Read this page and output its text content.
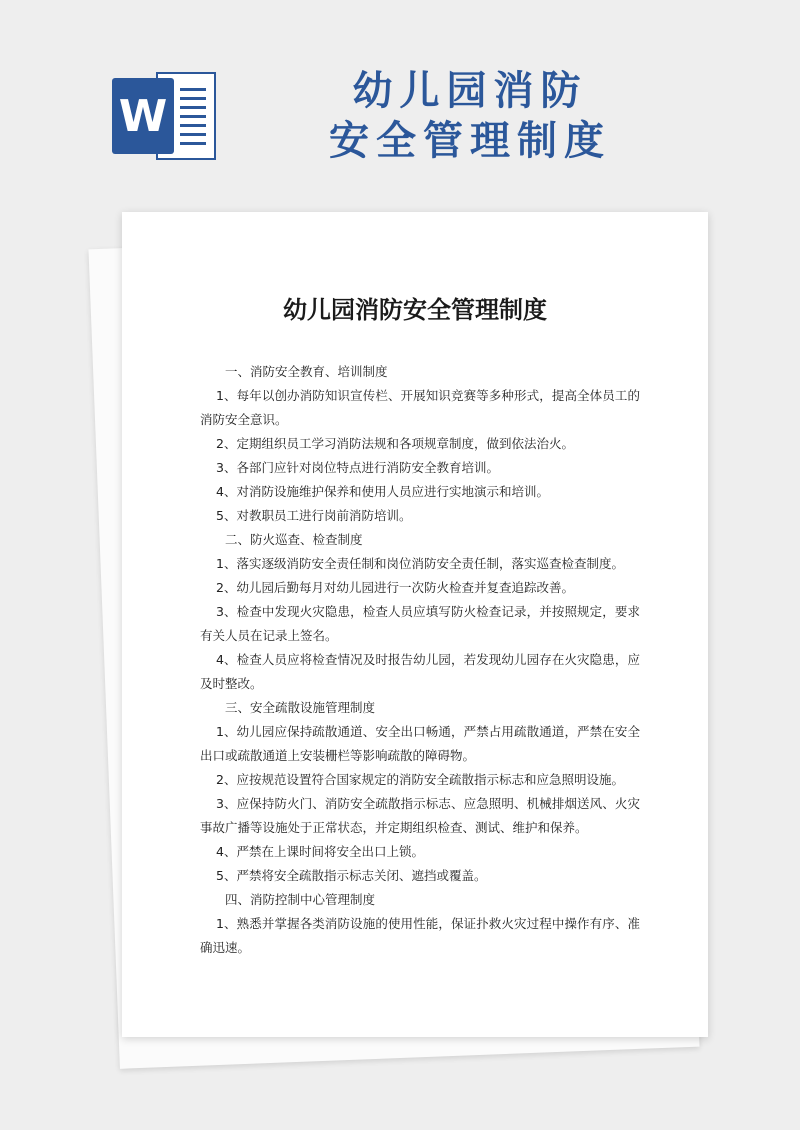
W	幼儿园消防
安全管理制度
幼儿园消防安全管理制度

一、消防安全教育、培训制度

1、每年以创办消防知识宣传栏、开展知识竞赛等多种形式，提高全体员工的消防安全意识。

2、定期组织员工学习消防法规和各项规章制度，做到依法治火。

3、各部门应针对岗位特点进行消防安全教育培训。

4、对消防设施维护保养和使用人员应进行实地演示和培训。

5、对教职员工进行岗前消防培训。

二、防火巡查、检查制度

1、落实逐级消防安全责任制和岗位消防安全责任制，落实巡查检查制度。

2、幼儿园后勤每月对幼儿园进行一次防火检查并复查追踪改善。

3、检查中发现火灾隐患，检查人员应填写防火检查记录，并按照规定，要求有关人员在记录上签名。

4、检查人员应将检查情况及时报告幼儿园，若发现幼儿园存在火灾隐患，应及时整改。

三、安全疏散设施管理制度

1、幼儿园应保持疏散通道、安全出口畅通，严禁占用疏散通道，严禁在安全出口或疏散通道上安装栅栏等影响疏散的障碍物。

2、应按规范设置符合国家规定的消防安全疏散指示标志和应急照明设施。

3、应保持防火门、消防安全疏散指示标志、应急照明、机械排烟送风、火灾事故广播等设施处于正常状态，并定期组织检查、测试、维护和保养。

4、严禁在上课时间将安全出口上锁。

5、严禁将安全疏散指示标志关闭、遮挡或覆盖。

四、消防控制中心管理制度

1、熟悉并掌握各类消防设施的使用性能，保证扑救火灾过程中操作有序、准确迅速。
